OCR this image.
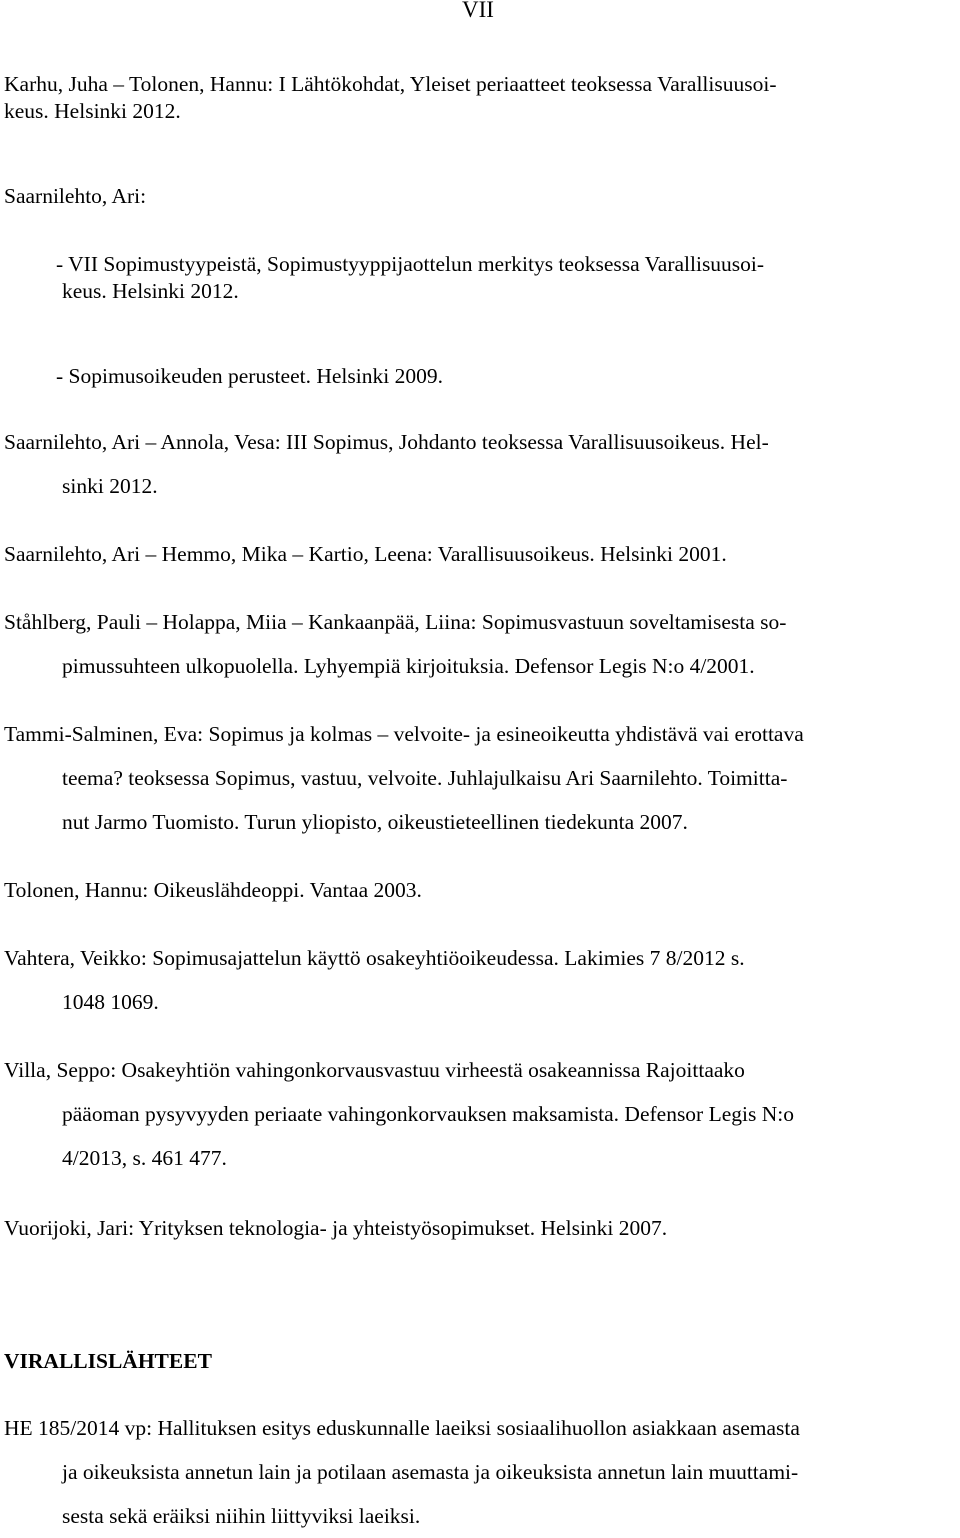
VII
Karhu, Juha – Tolonen, Hannu: I Lähtökohdat, Yleiset periaatteet teoksessa Varallisuusoi-
keus. Helsinki 2012.
Saarnilehto, Ari:
- VII Sopimustyypeistä, Sopimustyyppijaottelun merkitys teoksessa Varallisuusoi-
keus. Helsinki 2012.
- Sopimusoikeuden perusteet. Helsinki 2009.
Saarnilehto, Ari – Annola, Vesa: III Sopimus, Johdanto teoksessa Varallisuusoikeus. Hel-
sinki 2012.
Saarnilehto, Ari – Hemmo, Mika – Kartio, Leena: Varallisuusoikeus. Helsinki 2001.
Ståhlberg, Pauli – Holappa, Miia – Kankaanpää, Liina: Sopimusvastuun soveltamisesta so-
pimussuhteen ulkopuolella. Lyhyempiä kirjoituksia. Defensor Legis N:o 4/2001.
Tammi-Salminen, Eva: Sopimus ja kolmas – velvoite- ja esineoikeutta yhdistävä vai erottava
teema? teoksessa Sopimus, vastuu, velvoite. Juhlajulkaisu Ari Saarnilehto. Toimitta-
nut Jarmo Tuomisto. Turun yliopisto, oikeustieteellinen tiedekunta 2007.
Tolonen, Hannu: Oikeuslähdeoppi. Vantaa 2003.
Vahtera, Veikko: Sopimusajattelun käyttö osakeyhtiöoikeudessa. Lakimies 7 8/2012 s.
1048 1069.
Villa, Seppo: Osakeyhtiön vahingonkorvausvastuu virheestä osakeannissa Rajoittaako
pääoman pysyvyyden periaate vahingonkorvauksen maksamista. Defensor Legis N:o
4/2013, s. 461 477.
Vuorijoki, Jari: Yrityksen teknologia- ja yhteistyösopimukset. Helsinki 2007.
VIRALLISLÄHTEET
HE 185/2014 vp: Hallituksen esitys eduskunnalle laeiksi sosiaalihuollon asiakkaan asemasta
ja oikeuksista annetun lain ja potilaan asemasta ja oikeuksista annetun lain muuttami-
sesta sekä eräiksi niihin liittyviksi laeiksi.
